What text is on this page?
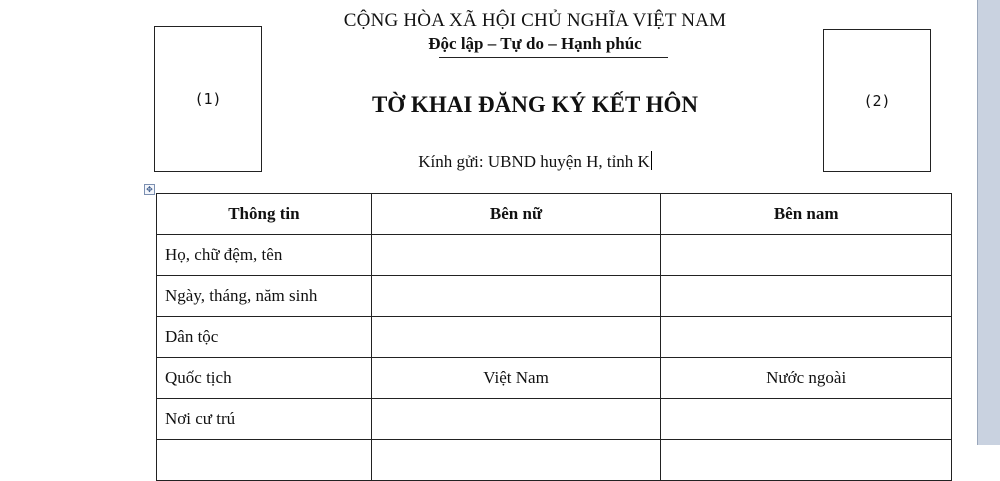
CỘNG HÒA XÃ HỘI CHỦ NGHĨA VIỆT NAM
Độc lập – Tự do – Hạnh phúc
(1)	(2)
TỜ KHAI ĐĂNG KÝ KẾT HÔN
Kính gửi: UBND huyện H, tỉnh K
✥
Thông tin	Bên nữ	Bên nam
Họ, chữ đệm, tên		
Ngày, tháng, năm sinh		
Dân tộc		
Quốc tịch	Việt Nam	Nước ngoài
Nơi cư trú		
